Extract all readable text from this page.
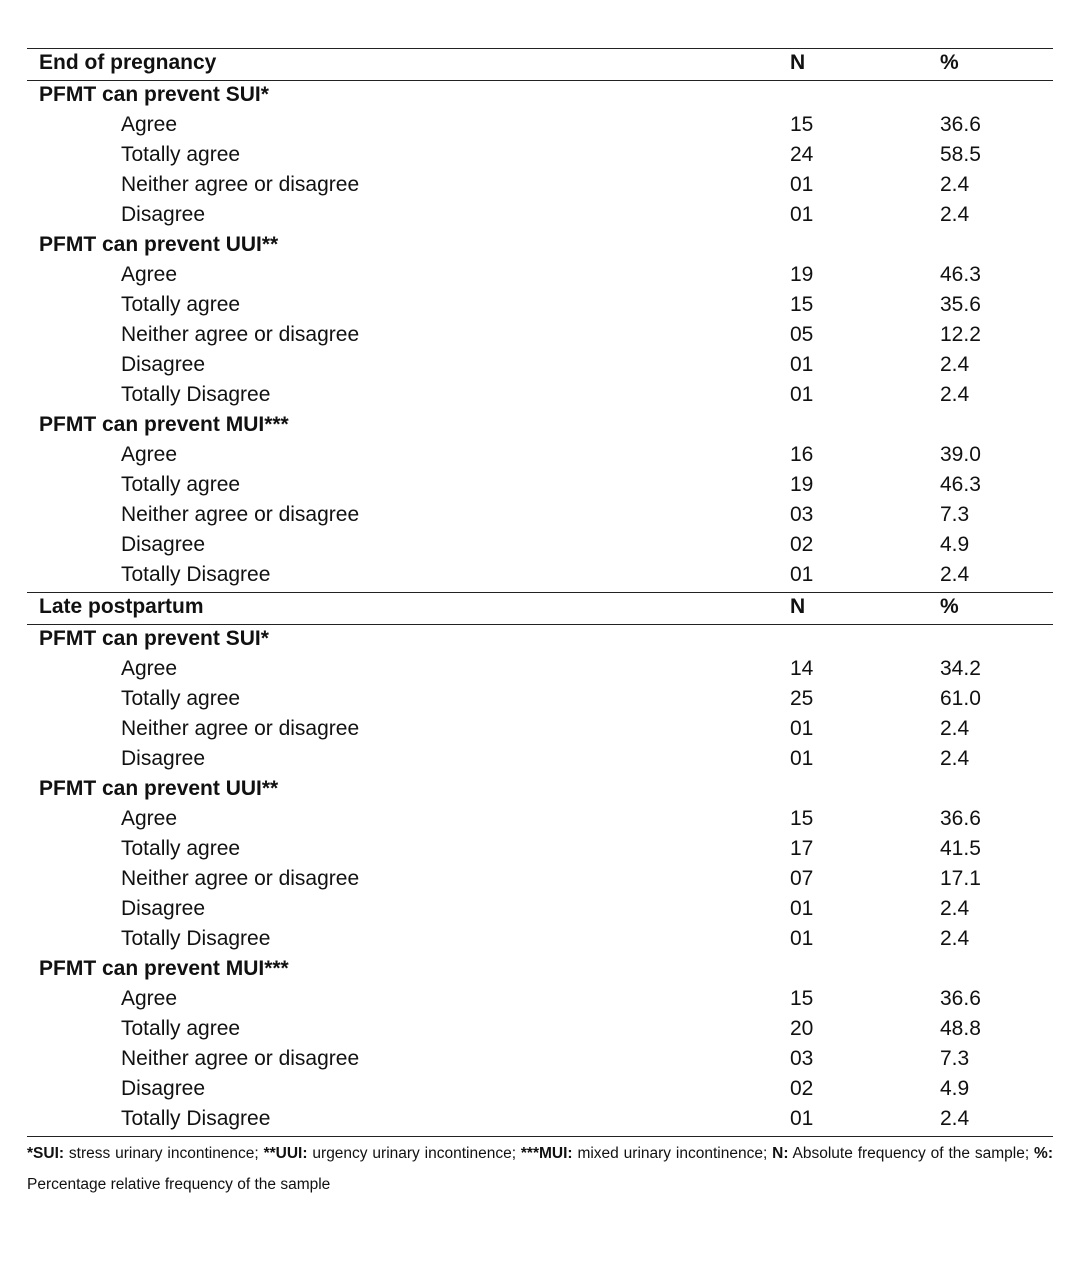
End of pregnancy	N	%
PFMT can prevent SUI*
Agree	15	36.6
Totally agree	24	58.5
Neither agree or disagree	01	2.4
Disagree	01	2.4
PFMT can prevent UUI**
Agree	19	46.3
Totally agree	15	35.6
Neither agree or disagree	05	12.2
Disagree	01	2.4
Totally Disagree	01	2.4
PFMT can prevent MUI***
Agree	16	39.0
Totally agree	19	46.3
Neither agree or disagree	03	7.3
Disagree	02	4.9
Totally Disagree	01	2.4
Late postpartum	N	%
PFMT can prevent SUI*
Agree	14	34.2
Totally agree	25	61.0
Neither agree or disagree	01	2.4
Disagree	01	2.4
PFMT can prevent UUI**
Agree	15	36.6
Totally agree	17	41.5
Neither agree or disagree	07	17.1
Disagree	01	2.4
Totally Disagree	01	2.4
PFMT can prevent MUI***
Agree	15	36.6
Totally agree	20	48.8
Neither agree or disagree	03	7.3
Disagree	02	4.9
Totally Disagree	01	2.4

*SUI: stress urinary incontinence; **UUI: urgency urinary incontinence; ***MUI: mixed urinary incontinence; N: Absolute frequency of the sample; %: Percentage relative frequency of the sample
